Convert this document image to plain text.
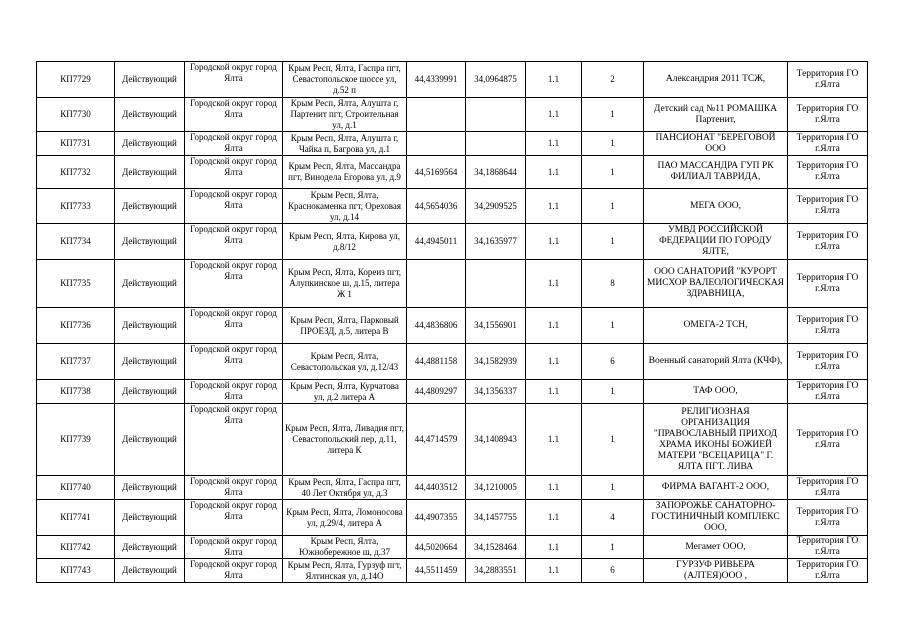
КП7729	Действующий	Городской округ город Ялта	Крым Респ, Ялта, Гаспра пгт, Севастопольское шоссе ул, д.52 п	44,4339991	34,0964875	1.1	2	Александрия 2011 ТСЖ,	Территория ГО г.Ялта
КП7730	Действующий	Городской округ город Ялта	Крым Респ, Ялта, Алушта г, Партенит пгт, Строительная ул, д.1			1.1	1	Детский сад №11 РОМАШКА Партенит,	Территория ГО г.Ялта
КП7731	Действующий	Городской округ город Ялта	Крым Респ, Ялта, Алушта г, Чайка п, Багрова ул, д.1			1.1	1	ПАНСИОНАТ "БЕРЕГОВОЙ ООО	Территория ГО г.Ялта
КП7732	Действующий	Городской округ город Ялта	Крым Респ, Ялта, Массандра пгт, Винодела Егорова ул, д.9	44,5169564	34,1868644	1.1	1	ПАО МАССАНДРА ГУП РК ФИЛИАЛ ТАВРИДА,	Территория ГО г.Ялта
КП7733	Действующий	Городской округ город Ялта	Крым Респ, Ялта, Краснокаменка пгт, Ореховая ул, д.14	44,5654036	34,2909525	1.1	1	МЕГА ООО,	Территория ГО г.Ялта
КП7734	Действующий	Городской округ город Ялта	Крым Респ, Ялта, Кирова ул, д.8/12	44,4945011	34,1635977	1.1	1	УМВД РОССИЙСКОЙ ФЕДЕРАЦИИ ПО ГОРОДУ ЯЛТЕ,	Территория ГО г.Ялта
КП7735	Действующий	Городской округ город Ялта	Крым Респ, Ялта, Кореиз пгт, Алупкинское ш, д.15, литера Ж 1			1.1	8	ООО САНАТОРИЙ "КУРОРТ МИСХОР ВАЛЕОЛОГИЧЕСКАЯ ЗДРАВНИЦА,	Территория ГО г.Ялта
КП7736	Действующий	Городской округ город Ялта	Крым Респ, Ялта, Парковый ПРОЕЗД, д.5, литера В	44,4836806	34,1556901	1.1	1	ОМЕГА-2 ТСН,	Территория ГО г.Ялта
КП7737	Действующий	Городской округ город Ялта	Крым Респ, Ялта, Севастопольская ул, д.12/43	44,4881158	34,1582939	1.1	6	Военный санаторий Ялта (КЧФ),	Территория ГО г.Ялта
КП7738	Действующий	Городской округ город Ялта	Крым Респ, Ялта, Курчатова ул, д.2 литера А	44,4809297	34,1356337	1.1	1	ТАФ ООО,	Территория ГО г.Ялта
КП7739	Действующий	Городской округ город Ялта	Крым Респ, Ялта, Ливадия пгт, Севастопольский пер, д.11, литера К	44,4714579	34,1408943	1.1	1	РЕЛИГИОЗНАЯ ОРГАНИЗАЦИЯ "ПРАВОСЛАВНЫЙ ПРИХОД ХРАМА ИКОНЫ БОЖИЕЙ МАТЕРИ "ВСЕЦАРИЦА" Г. ЯЛТА ПГТ. ЛИВА	Территория ГО г.Ялта
КП7740	Действующий	Городской округ город Ялта	Крым Респ, Ялта, Гаспра пгт, 40 Лет Октября ул, д.3	44,4403512	34,1210005	1.1	1	ФИРМА ВАГАНТ-2 ООО,	Территория ГО г.Ялта
КП7741	Действующий	Городской округ город Ялта	Крым Респ, Ялта, Ломоносова ул, д.29/4, литера А	44,4907355	34,1457755	1.1	4	ЗАПОРОЖЬЕ САНАТОРНО-ГОСТИНИЧНЫЙ КОМПЛЕКС ООО,	Территория ГО г.Ялта
КП7742	Действующий	Городской округ город Ялта	Крым Респ, Ялта, Южнобережное ш, д.37	44,5020664	34,1528464	1.1	1	Мегамет ООО,	Территория ГО г.Ялта
КП7743	Действующий	Городской округ город Ялта	Крым Респ, Ялта, Гурзуф пгт, Ялтинская ул, д.14О	44,5511459	34,2883551	1.1	6	ГУРЗУФ РИВЬЕРА (АЛТЕЯ)ООО ,	Территория ГО г.Ялта
